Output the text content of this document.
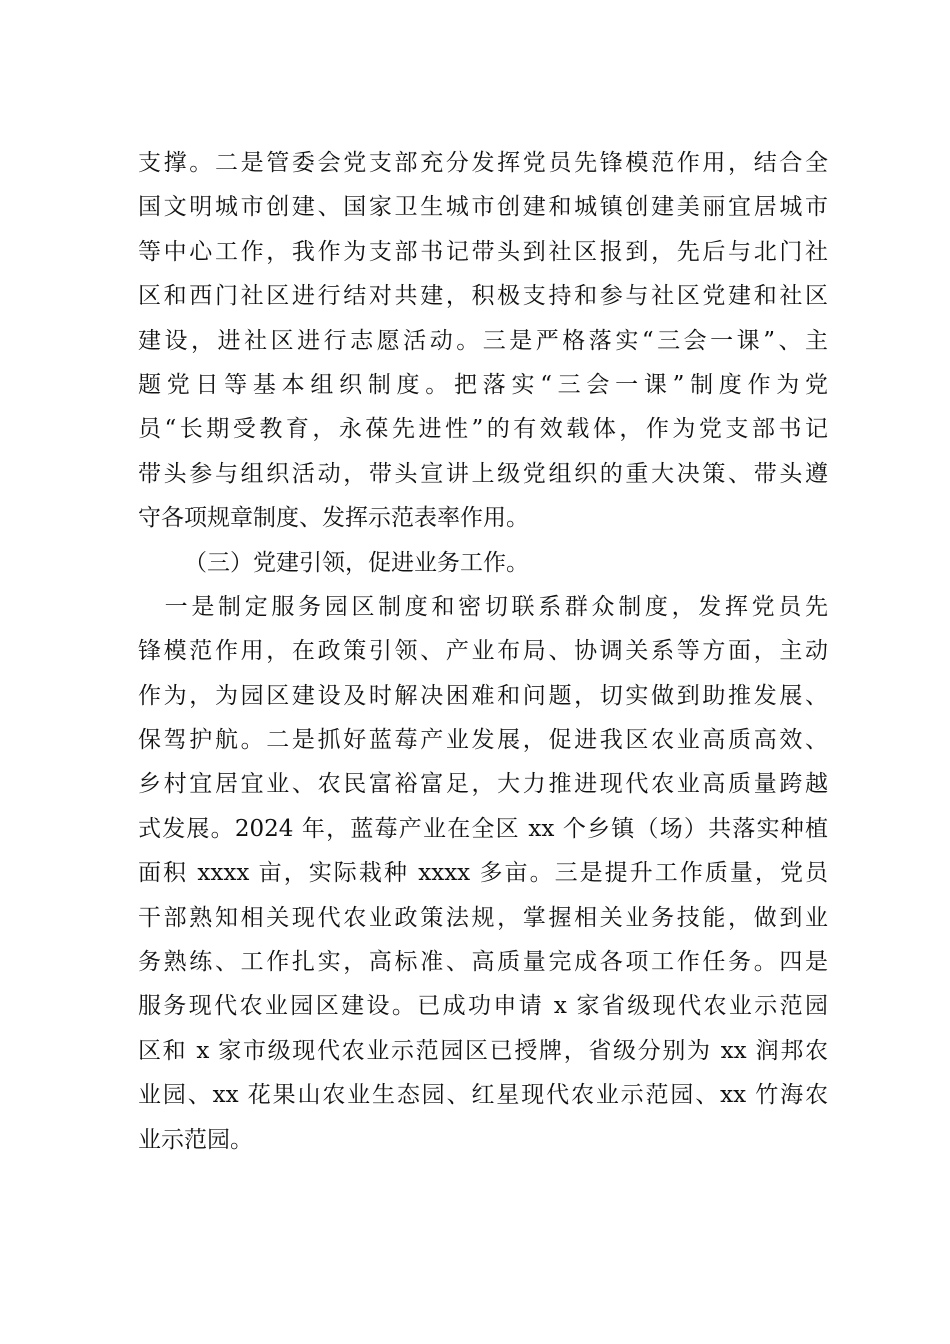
支撑。二是管委会党支部充分发挥党员先锋模范作用，结合全
国文明城市创建、国家卫生城市创建和城镇创建美丽宜居城市
等中心工作，我作为支部书记带头到社区报到，先后与北门社
区和西门社区进行结对共建，积极支持和参与社区党建和社区
建设，进社区进行志愿活动。三是严格落实“三会一课”、主
题党日等基本组织制度。把落实“三会一课”制度作为党
员“长期受教育，永葆先进性”的有效载体，作为党支部书记
带头参与组织活动，带头宣讲上级党组织的重大决策、带头遵
守各项规章制度、发挥示范表率作用。
（三）党建引领，促进业务工作。
　一是制定服务园区制度和密切联系群众制度，发挥党员先
锋模范作用，在政策引领、产业布局、协调关系等方面，主动
作为，为园区建设及时解决困难和问题，切实做到助推发展、
保驾护航。二是抓好蓝莓产业发展，促进我区农业高质高效、
乡村宜居宜业、农民富裕富足，大力推进现代农业高质量跨越
式发展。2024 年，蓝莓产业在全区 xx 个乡镇（场）共落实种植
面积 xxxx 亩，实际栽种 xxxx 多亩。三是提升工作质量，党员
干部熟知相关现代农业政策法规，掌握相关业务技能，做到业
务熟练、工作扎实，高标准、高质量完成各项工作任务。四是
服务现代农业园区建设。已成功申请 x 家省级现代农业示范园
区和 x 家市级现代农业示范园区已授牌，省级分别为 xx 润邦农
业园、xx 花果山农业生态园、红星现代农业示范园、xx 竹海农
业示范园。
